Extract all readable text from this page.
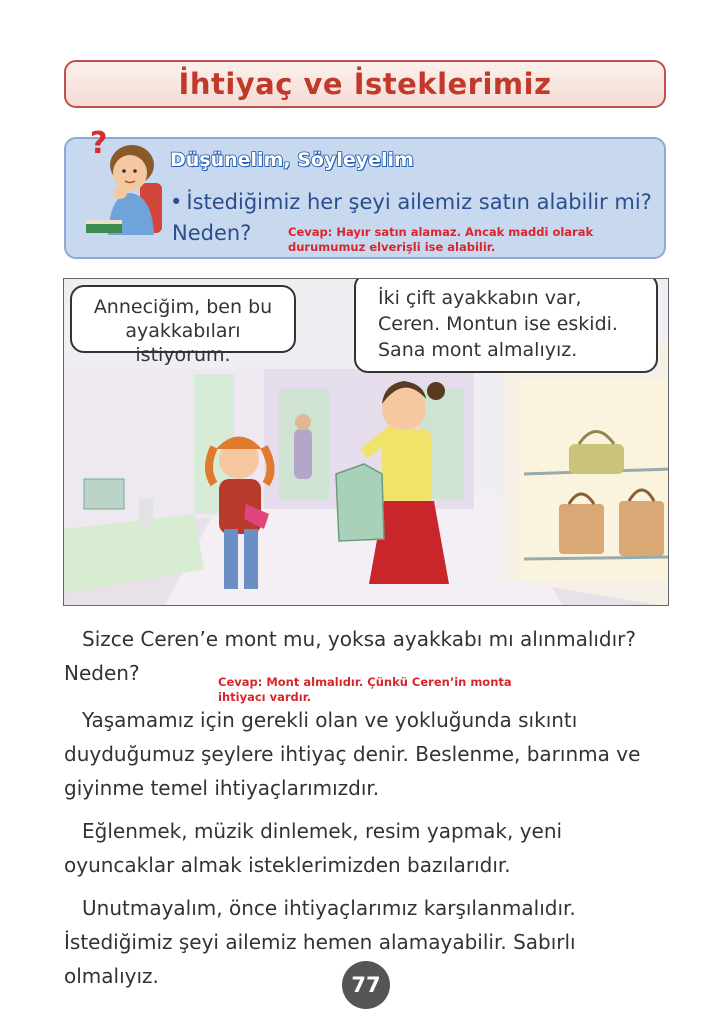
İhtiyaç ve İsteklerimiz
?	Düşünelim, Söyleyelim
• İstediğimiz her şeyi ailemiz satın alabilir mi?
Neden?	Cevap: Hayır satın alamaz. Ancak maddi olarak
durumumuz elverişli ise alabilir.
Anneciğim, ben bu ayakkabıları istiyorum.
İki çift ayakkabın var, Ceren. Montun ise eskidi. Sana mont almalıyız.
Sizce Ceren’e mont mu, yoksa ayakkabı mı alınmalıdır?
Neden?	Cevap: Mont almalıdır. Çünkü Ceren’in monta
ihtiyacı vardır.
Yaşamamız için gerekli olan ve yokluğunda sıkıntı duyduğumuz şeylere ihtiyaç denir. Beslenme, barınma ve giyinme temel ihtiyaçlarımızdır.
Eğlenmek, müzik dinlemek, resim yapmak, yeni oyuncaklar almak isteklerimizden bazılarıdır.
Unutmayalım, önce ihtiyaçlarımız karşılanmalıdır. İstediğimiz şeyi ailemiz hemen alamayabilir. Sabırlı olmalıyız.	77
